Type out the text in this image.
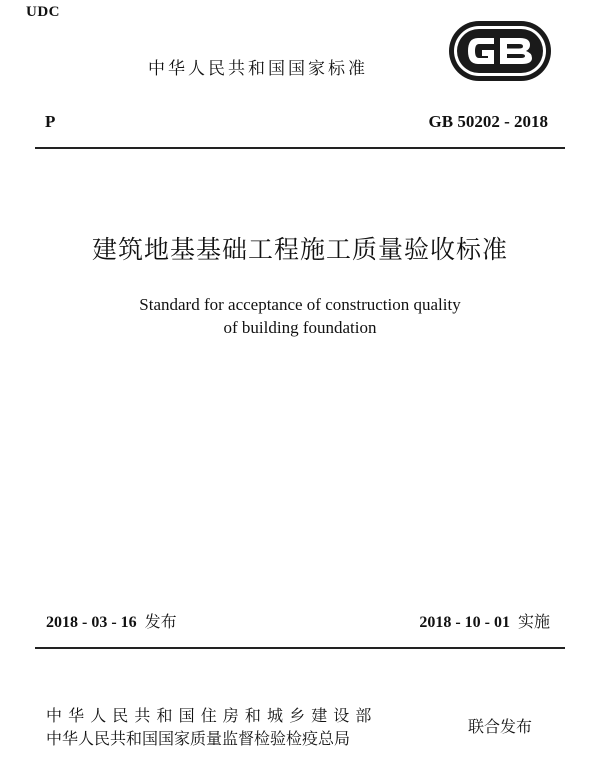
UDC
中华人民共和国国家标准
P	GB 50202 - 2018
建筑地基基础工程施工质量验收标准
Standard for acceptance of construction quality
of building foundation
2018 - 03 - 16 发布	2018 - 10 - 01 实施
中华人民共和国住房和城乡建设部
中华人民共和国国家质量监督检验检疫总局
联合发布
